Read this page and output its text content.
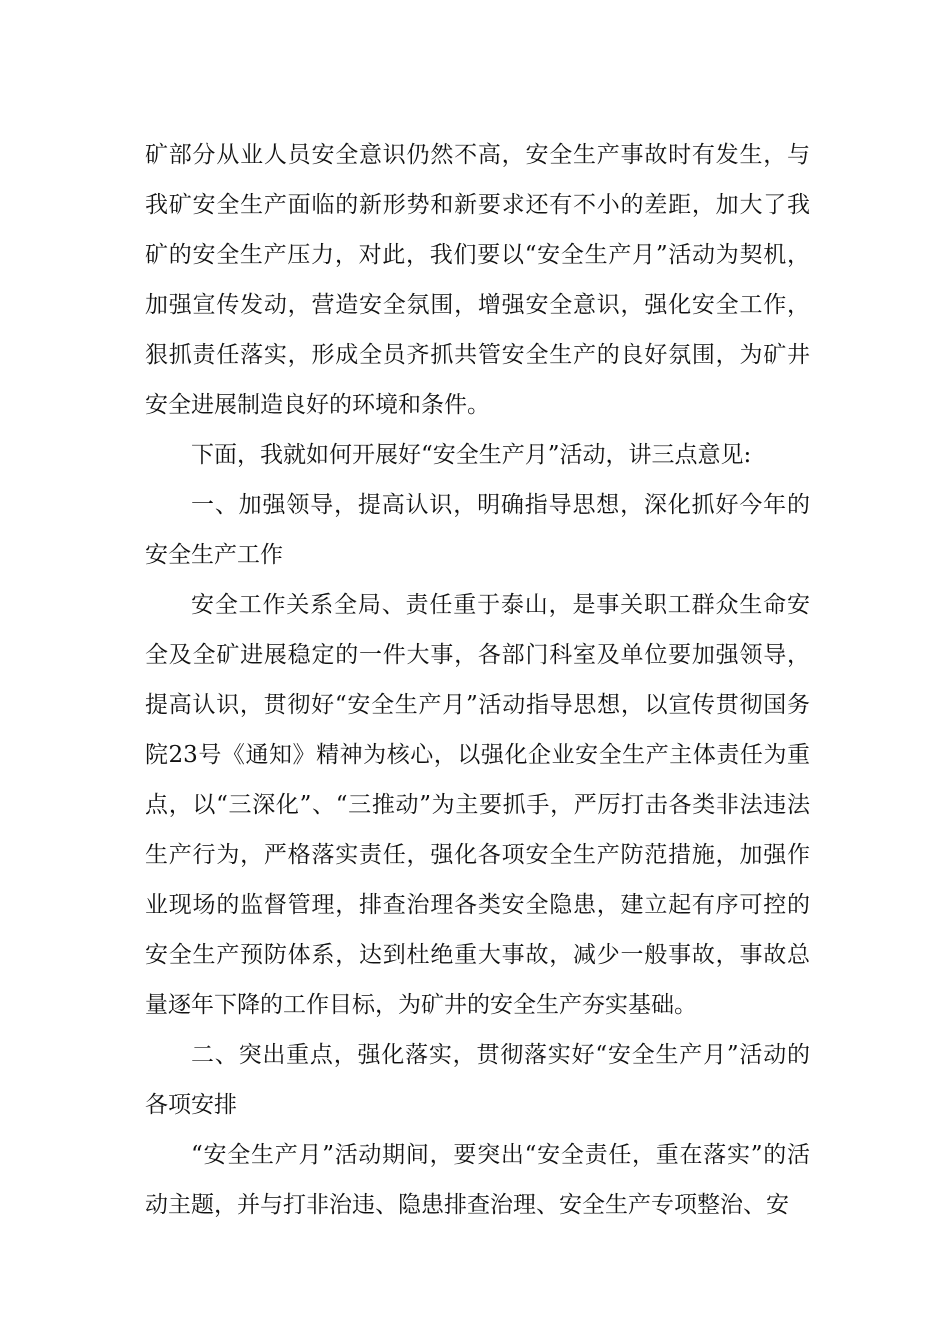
矿部分从业人员安全意识仍然不高，安全生产事故时有发生，与我矿安全生产面临的新形势和新要求还有不小的差距，加大了我矿的安全生产压力，对此，我们要以“安全生产月”活动为契机，加强宣传发动，营造安全氛围，增强安全意识，强化安全工作，狠抓责任落实，形成全员齐抓共管安全生产的良好氛围，为矿井安全进展制造良好的环境和条件。

下面，我就如何开展好“安全生产月”活动，讲三点意见:

一、加强领导，提高认识，明确指导思想，深化抓好今年的安全生产工作

安全工作关系全局、责任重于泰山，是事关职工群众生命安全及全矿进展稳定的一件大事，各部门科室及单位要加强领导，提高认识，贯彻好“安全生产月”活动指导思想，以宣传贯彻国务院23号《通知》精神为核心，以强化企业安全生产主体责任为重点，以“三深化”、“三推动”为主要抓手，严厉打击各类非法违法生产行为，严格落实责任，强化各项安全生产防范措施，加强作业现场的监督管理，排查治理各类安全隐患，建立起有序可控的安全生产预防体系，达到杜绝重大事故，减少一般事故，事故总量逐年下降的工作目标，为矿井的安全生产夯实基础。

二、突出重点，强化落实，贯彻落实好“安全生产月”活动的各项安排

“安全生产月”活动期间，要突出“安全责任，重在落实”的活动主题，并与打非治违、隐患排查治理、安全生产专项整治、安
